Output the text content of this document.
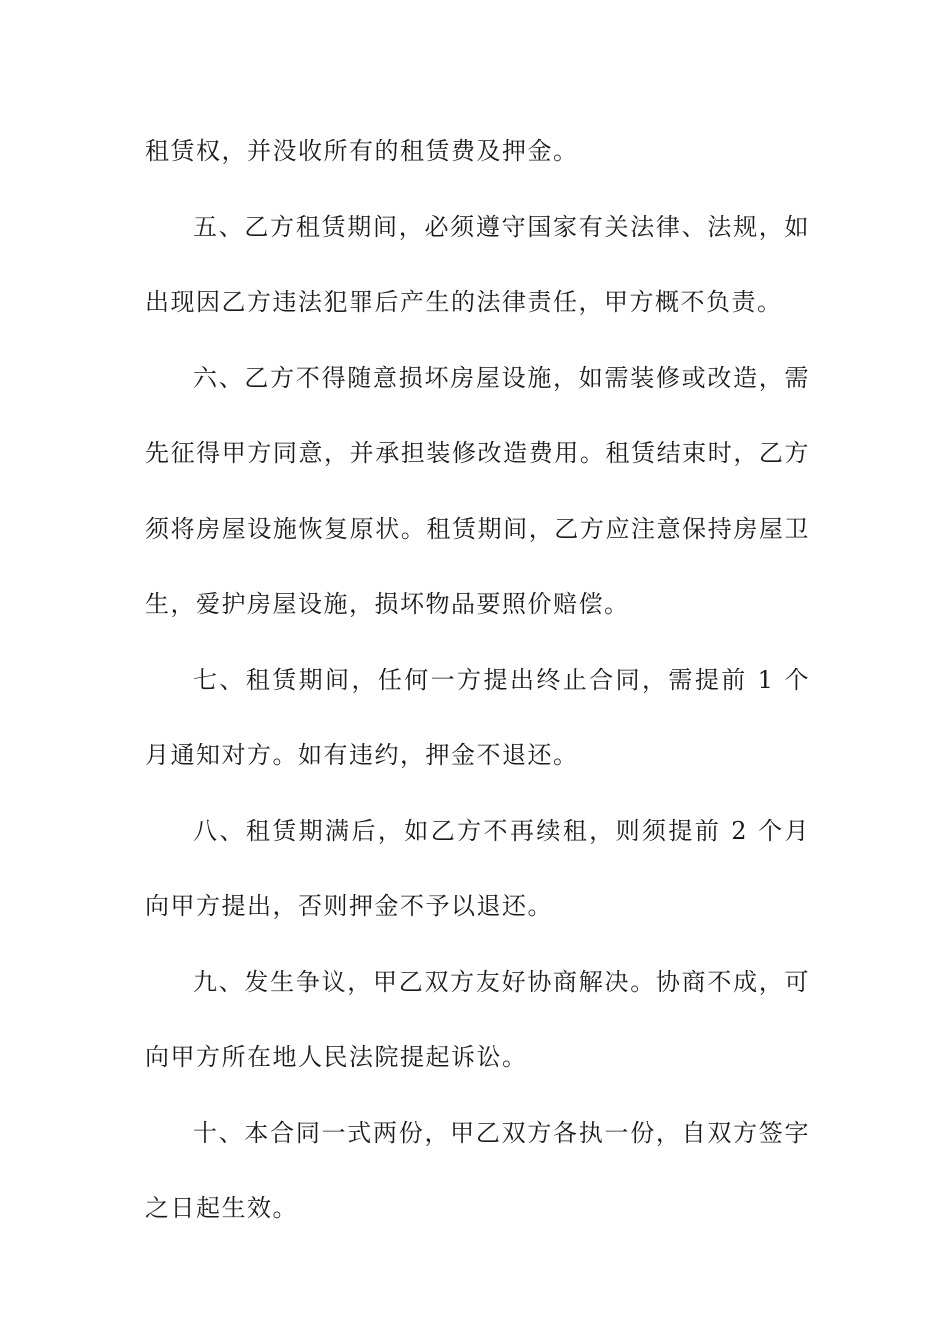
租赁权，并没收所有的租赁费及押金。

五、乙方租赁期间，必须遵守国家有关法律、法规，如出现因乙方违法犯罪后产生的法律责任，甲方概不负责。

六、乙方不得随意损坏房屋设施，如需装修或改造，需先征得甲方同意，并承担装修改造费用。租赁结束时，乙方须将房屋设施恢复原状。租赁期间，乙方应注意保持房屋卫生，爱护房屋设施，损坏物品要照价赔偿。

七、租赁期间，任何一方提出终止合同，需提前 1 个月通知对方。如有违约，押金不退还。

八、租赁期满后，如乙方不再续租，则须提前 2 个月向甲方提出，否则押金不予以退还。

九、发生争议，甲乙双方友好协商解决。协商不成，可向甲方所在地人民法院提起诉讼。

十、本合同一式两份，甲乙双方各执一份，自双方签字之日起生效。
